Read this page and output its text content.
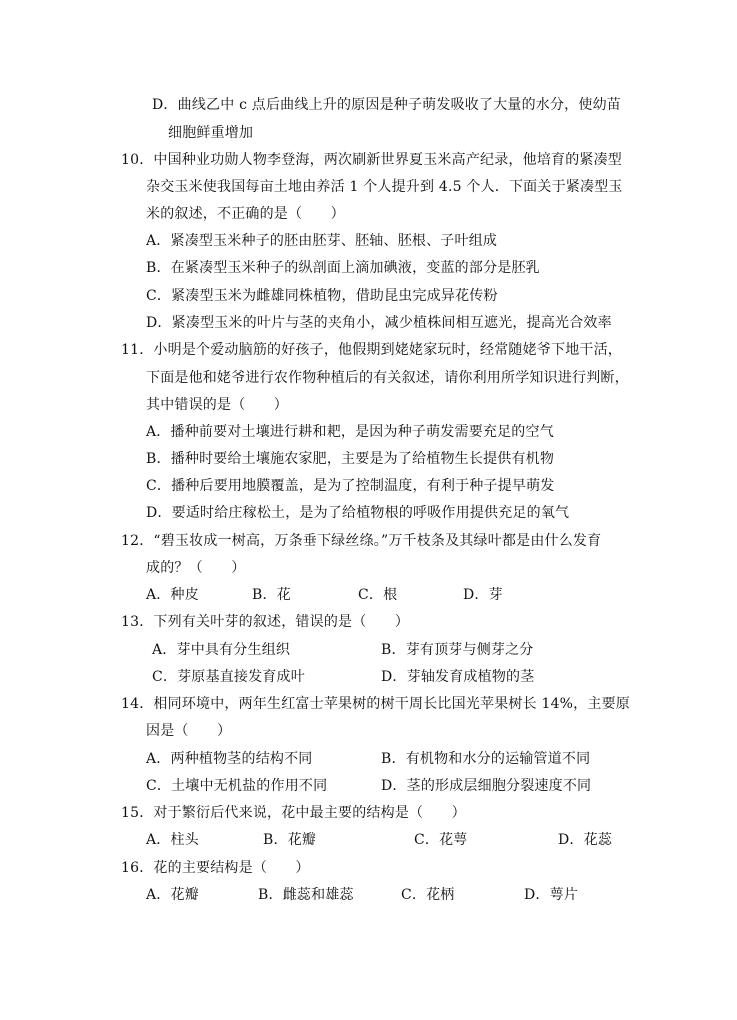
D．曲线乙中 c 点后曲线上升的原因是种子萌发吸收了大量的水分，使幼苗
细胞鲜重增加
10．中国种业功勋人物李登海，两次刷新世界夏玉米高产纪录，他培育的紧凑型
杂交玉米使我国每亩土地由养活 1 个人提升到 4.5 个人．下面关于紧凑型玉
米的叙述，不正确的是（　　）
A．紧凑型玉米种子的胚由胚芽、胚轴、胚根、子叶组成
B．在紧凑型玉米种子的纵剖面上滴加碘液，变蓝的部分是胚乳
C．紧凑型玉米为雌雄同株植物，借助昆虫完成异花传粉
D．紧凑型玉米的叶片与茎的夹角小，减少植株间相互遮光，提高光合效率
11．小明是个爱动脑筋的好孩子，他假期到姥姥家玩时，经常随姥爷下地干活，
下面是他和姥爷进行农作物种植后的有关叙述，请你利用所学知识进行判断，
其中错误的是（　　）
A．播种前要对土壤进行耕和耙，是因为种子萌发需要充足的空气
B．播种时要给土壤施农家肥，主要是为了给植物生长提供有机物
C．播种后要用地膜覆盖，是为了控制温度，有利于种子提早萌发
D．要适时给庄稼松土，是为了给植物根的呼吸作用提供充足的氧气
12．“碧玉妆成一树高，万条垂下绿丝绦。”万千枝条及其绿叶都是由什么发育
成的？（　　）
A．种皮	B．花	C．根	D．芽
13．下列有关叶芽的叙述，错误的是（　　）
A．芽中具有分生组织	B．芽有顶芽与侧芽之分
C．芽原基直接发育成叶	D．芽轴发育成植物的茎
14．相同环境中，两年生红富士苹果树的树干周长比国光苹果树长 14%，主要原
因是（　　）
A．两种植物茎的结构不同	B．有机物和水分的运输管道不同
C．土壤中无机盐的作用不同	D．茎的形成层细胞分裂速度不同
15．对于繁衍后代来说，花中最主要的结构是（　　）
A．柱头	B．花瓣	C．花萼	D．花蕊
16．花的主要结构是（　　）
A．花瓣	B．雌蕊和雄蕊	C．花柄	D．萼片
